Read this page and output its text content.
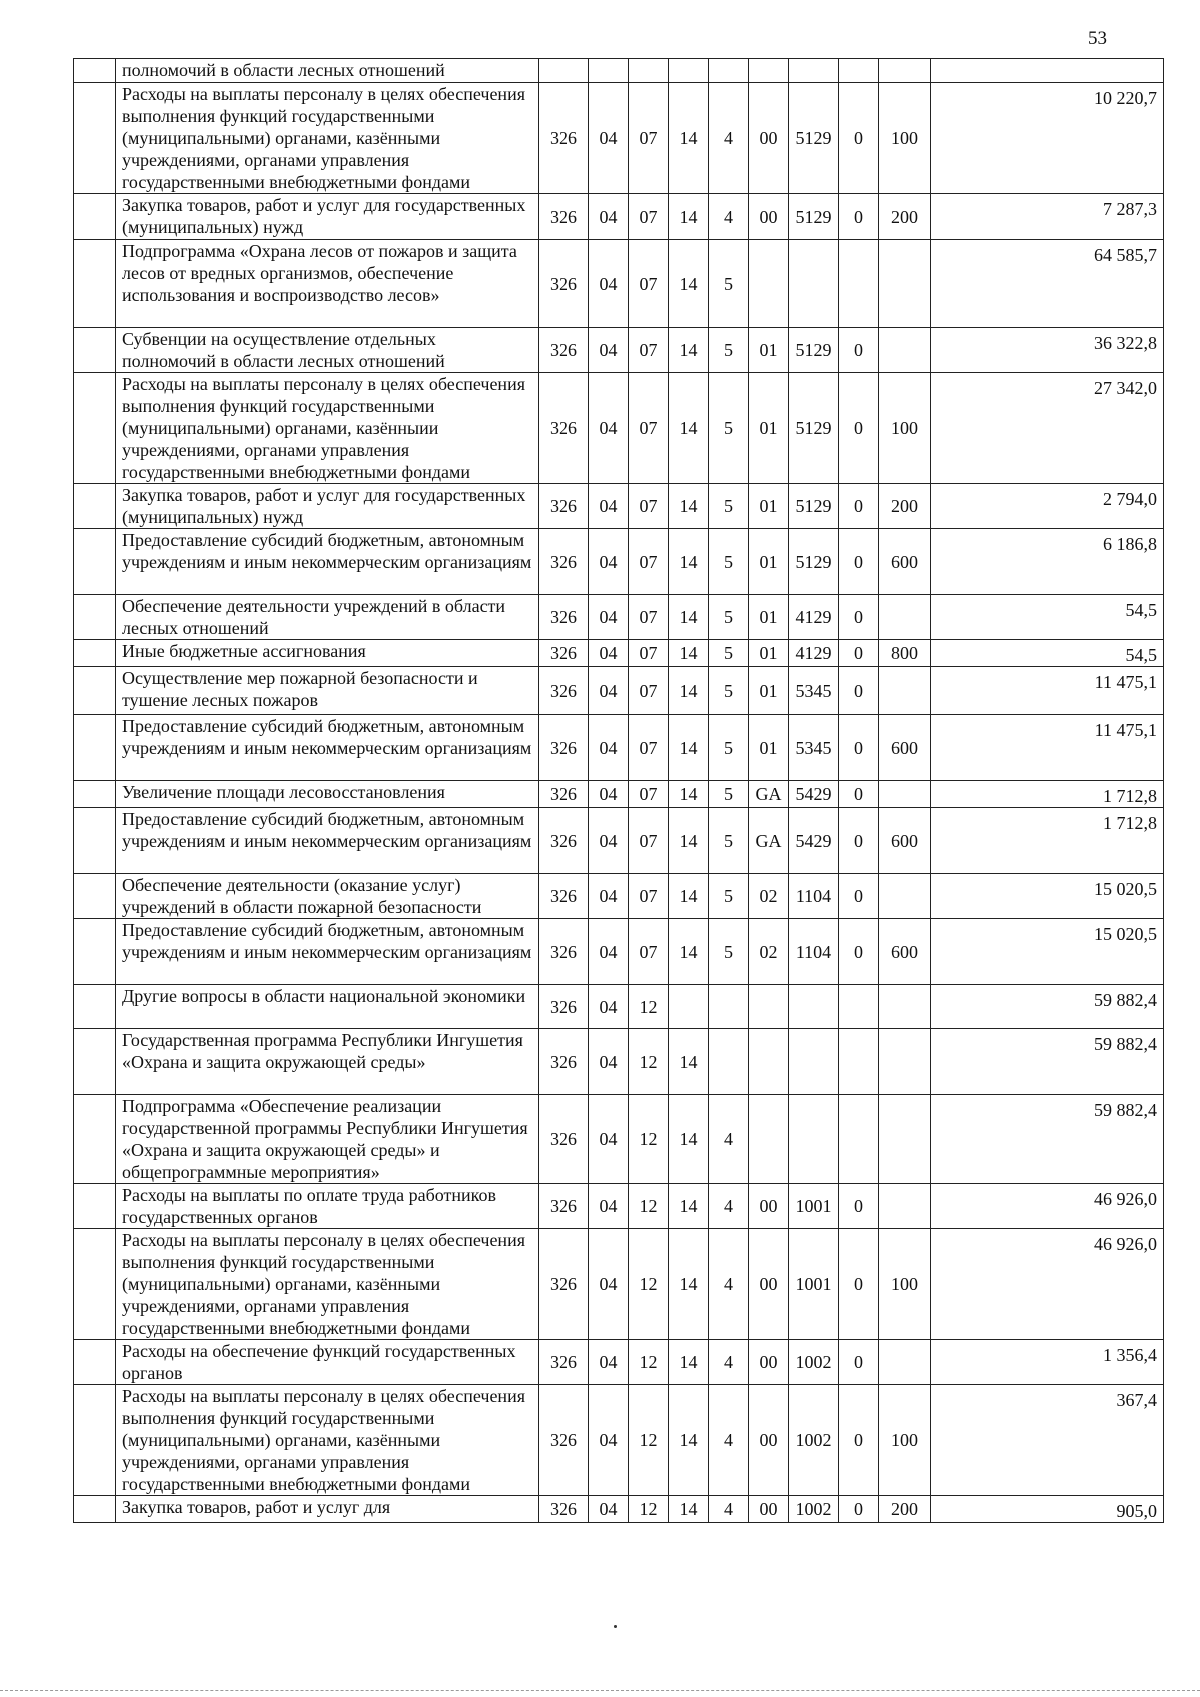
53
	полномочий в области лесных отношений										
	Расходы на выплаты персоналу в целях обеспечения выполнения функций государственными (муниципальными) органами, казёнными учреждениями, органами управления государственными внебюджетными фондами	326	04	07	14	4	00	5129	0	100	10 220,7
	Закупка товаров, работ и услуг для государственных (муниципальных) нужд	326	04	07	14	4	00	5129	0	200	7 287,3
	Подпрограмма «Охрана лесов от пожаров и защита лесов от вредных организмов, обеспечение использования и воспроизводство лесов»	326	04	07	14	5					64 585,7
	Субвенции на осуществление отдельных полномочий в области лесных отношений	326	04	07	14	5	01	5129	0		36 322,8
	Расходы на выплаты персоналу в целях обеспечения выполнения функций государственными (муниципальными) органами, казённыии учреждениями, органами управления государственными внебюджетными фондами	326	04	07	14	5	01	5129	0	100	27 342,0
	Закупка товаров, работ и услуг для государственных (муниципальных) нужд	326	04	07	14	5	01	5129	0	200	2 794,0
	Предоставление субсидий бюджетным, автономным учреждениям и иным некоммерческим организациям	326	04	07	14	5	01	5129	0	600	6 186,8
	Обеспечение деятельности учреждений в области лесных отношений	326	04	07	14	5	01	4129	0		54,5
	Иные бюджетные ассигнования	326	04	07	14	5	01	4129	0	800	54,5
	Осуществление мер пожарной безопасности и тушение лесных пожаров	326	04	07	14	5	01	5345	0		11 475,1
	Предоставление субсидий бюджетным, автономным учреждениям и иным некоммерческим организациям	326	04	07	14	5	01	5345	0	600	11 475,1
	Увеличение площади лесовосстановления	326	04	07	14	5	GA	5429	0		1 712,8
	Предоставление субсидий бюджетным, автономным учреждениям и иным некоммерческим организациям	326	04	07	14	5	GA	5429	0	600	1 712,8
	Обеспечение деятельности (оказание услуг) учреждений в области пожарной безопасности	326	04	07	14	5	02	1104	0		15 020,5
	Предоставление субсидий бюджетным, автономным учреждениям и иным некоммерческим организациям	326	04	07	14	5	02	1104	0	600	15 020,5
	Другие вопросы в области национальной экономики	326	04	12							59 882,4
	Государственная программа Республики Ингушетия «Охрана и защита окружающей среды»	326	04	12	14						59 882,4
	Подпрограмма «Обеспечение реализации государственной программы Республики Ингушетия «Охрана и защита окружающей среды» и общепрограммные мероприятия»	326	04	12	14	4					59 882,4
	Расходы на выплаты по оплате труда работников государственных органов	326	04	12	14	4	00	1001	0		46 926,0
	Расходы на выплаты персоналу в целях обеспечения выполнения функций государственными (муниципальными) органами, казёнными учреждениями, органами управления государственными внебюджетными фондами	326	04	12	14	4	00	1001	0	100	46 926,0
	Расходы на обеспечение функций государственных органов	326	04	12	14	4	00	1002	0		1 356,4
	Расходы на выплаты персоналу в целях обеспечения выполнения функций государственными (муниципальными) органами, казёнными учреждениями, органами управления государственными внебюджетными фондами	326	04	12	14	4	00	1002	0	100	367,4
	Закупка товаров, работ и услуг для	326	04	12	14	4	00	1002	0	200	905,0
